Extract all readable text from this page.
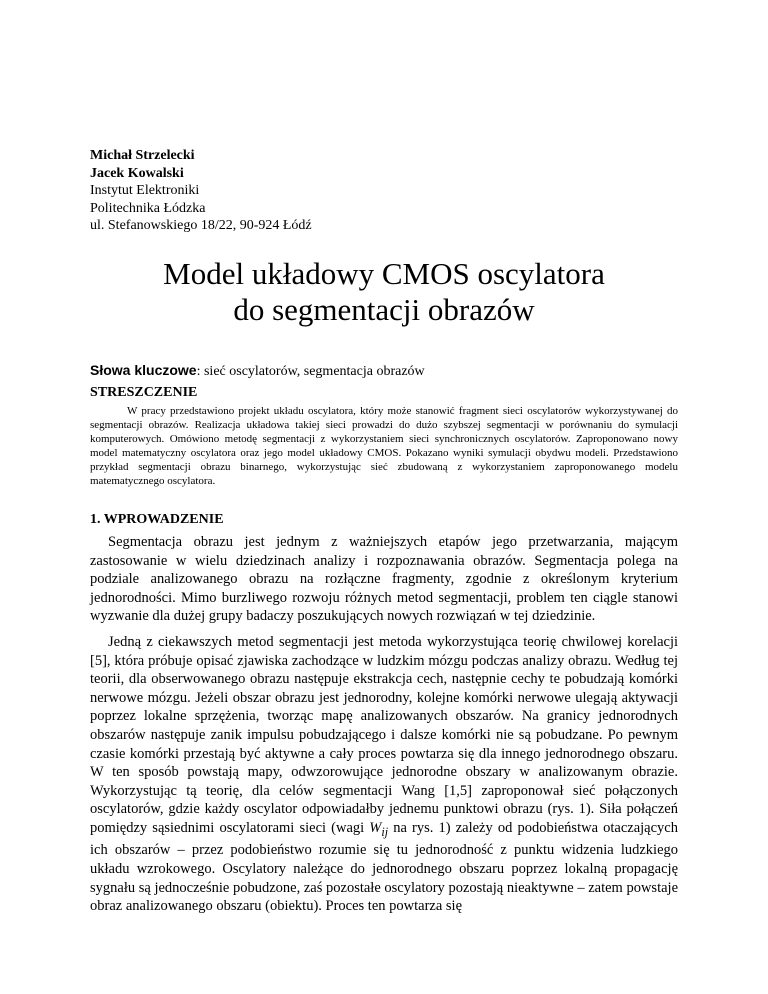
Michał Strzelecki
Jacek Kowalski
Instytut Elektroniki
Politechnika Łódzka
ul. Stefanowskiego 18/22, 90-924 Łódź
Model układowy CMOS oscylatora
do segmentacji obrazów
Słowa kluczowe: sieć oscylatorów, segmentacja obrazów
STRESZCZENIE

W pracy przedstawiono projekt układu oscylatora, który może stanowić fragment sieci oscylatorów wykorzystywanej do segmentacji obrazów. Realizacja układowa takiej sieci prowadzi do dużo szybszej segmentacji w porównaniu do symulacji komputerowych. Omówiono metodę segmentacji z wykorzystaniem sieci synchronicznych oscylatorów. Zaproponowano nowy model matematyczny oscylatora oraz jego model układowy CMOS. Pokazano wyniki symulacji obydwu modeli. Przedstawiono przykład segmentacji obrazu binarnego, wykorzystując sieć zbudowaną z wykorzystaniem zaproponowanego modelu matematycznego oscylatora.

1. WPROWADZENIE

Segmentacja obrazu jest jednym z ważniejszych etapów jego przetwarzania, mającym zastosowanie w wielu dziedzinach analizy i rozpoznawania obrazów. Segmentacja polega na podziale analizowanego obrazu na rozłączne fragmenty, zgodnie z określonym kryterium jednorodności. Mimo burzliwego rozwoju różnych metod segmentacji, problem ten ciągle stanowi wyzwanie dla dużej grupy badaczy poszukujących nowych rozwiązań w tej dziedzinie.

Jedną z ciekawszych metod segmentacji jest metoda wykorzystująca teorię chwilowej korelacji [5], która próbuje opisać zjawiska zachodzące w ludzkim mózgu podczas analizy obrazu. Według tej teorii, dla obserwowanego obrazu następuje ekstrakcja cech, następnie cechy te pobudzają komórki nerwowe mózgu. Jeżeli obszar obrazu jest jednorodny, kolejne komórki nerwowe ulegają aktywacji poprzez lokalne sprzężenia, tworząc mapę analizowanych obszarów. Na granicy jednorodnych obszarów następuje zanik impulsu pobudzającego i dalsze komórki nie są pobudzane. Po pewnym czasie komórki przestają być aktywne a cały proces powtarza się dla innego jednorodnego obszaru. W ten sposób powstają mapy, odwzorowujące jednorodne obszary w analizowanym obrazie. Wykorzystując tą teorię, dla celów segmentacji Wang [1,5] zaproponował sieć połączonych oscylatorów, gdzie każdy oscylator odpowiadałby jednemu punktowi obrazu (rys. 1). Siła połączeń pomiędzy sąsiednimi oscylatorami sieci (wagi $W_{ij}$ na rys. 1) zależy od podobieństwa otaczających ich obszarów – przez podobieństwo rozumie się tu jednorodność z punktu widzenia ludzkiego układu wzrokowego. Oscylatory należące do jednorodnego obszaru poprzez lokalną propagację sygnału są jednocześnie pobudzone, zaś pozostałe oscylatory pozostają nieaktywne – zatem powstaje obraz analizowanego obszaru (obiektu). Proces ten powtarza się
